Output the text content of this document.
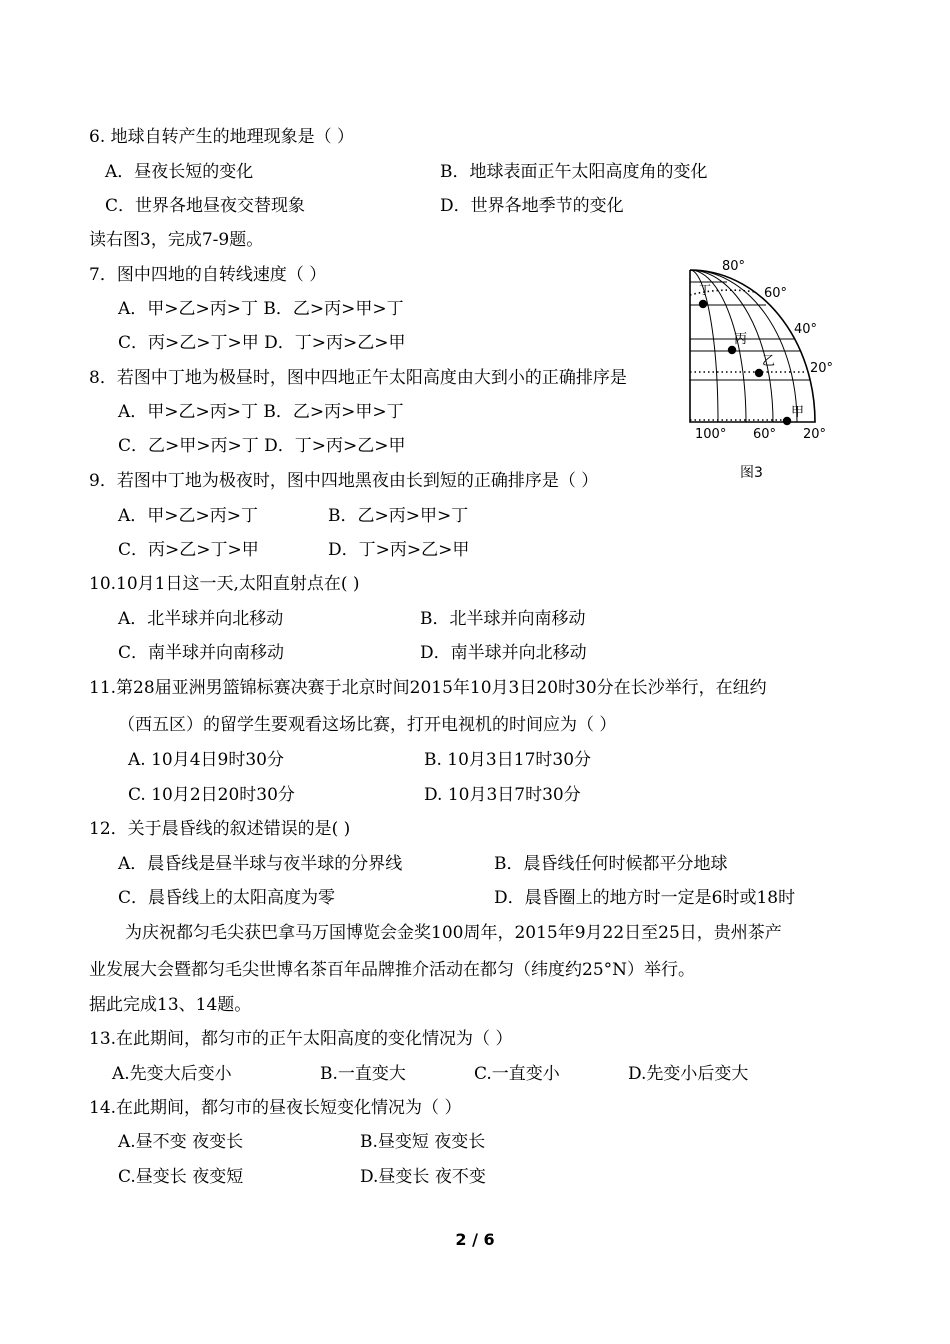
6. 地球自转产生的地理现象是（ ）
A．昼夜长短的变化	B．地球表面正午太阳高度角的变化
C．世界各地昼夜交替现象	D．世界各地季节的变化
读右图3，完成7-9题。
7．图中四地的自转线速度（ ）
A．甲>乙>丙>丁 B．乙>丙>甲>丁
C．丙>乙>丁>甲 D．丁>丙>乙>甲
8．若图中丁地为极昼时，图中四地正午太阳高度由大到小的正确排序是
A．甲>乙>丙>丁 B．乙>丙>甲>丁
C．乙>甲>丙>丁 D．丁>丙>乙>甲
9．若图中丁地为极夜时，图中四地黑夜由长到短的正确排序是（ ）
A．甲>乙>丙>丁	B．乙>丙>甲>丁
C．丙>乙>丁>甲	D．丁>丙>乙>甲
10.10月1日这一天,太阳直射点在( )
A．北半球并向北移动	B．北半球并向南移动
C．南半球并向南移动	D．南半球并向北移动
11.第28届亚洲男篮锦标赛决赛于北京时间2015年10月3日20时30分在长沙举行，在纽约
（西五区）的留学生要观看这场比赛，打开电视机的时间应为（ ）
A. 10月4日9时30分	B. 10月3日17时30分
C. 10月2日20时30分	D. 10月3日7时30分
12．关于晨昏线的叙述错误的是( )
A．晨昏线是昼半球与夜半球的分界线	B．晨昏线任何时候都平分地球
C．晨昏线上的太阳高度为零	D．晨昏圈上的地方时一定是6时或18时
为庆祝都匀毛尖获巴拿马万国博览会金奖100周年，2015年9月22日至25日，贵州茶产
业发展大会暨都匀毛尖世博名茶百年品牌推介活动在都匀（纬度约25°N）举行。
据此完成13、14题。
13.在此期间，都匀市的正午太阳高度的变化情况为（ ）
A.先变大后变小	B.一直变大	C.一直变小	D.先变小后变大
14.在此期间，都匀市的昼夜长短变化情况为（ ）
A.昼不变 夜变长	B.昼变短 夜变长
C.昼变长 夜变短	D.昼变长 夜不变
丁
丙
乙
甲
80°
60°
40°
20°
100° 60° 20°
图3
2 / 6
